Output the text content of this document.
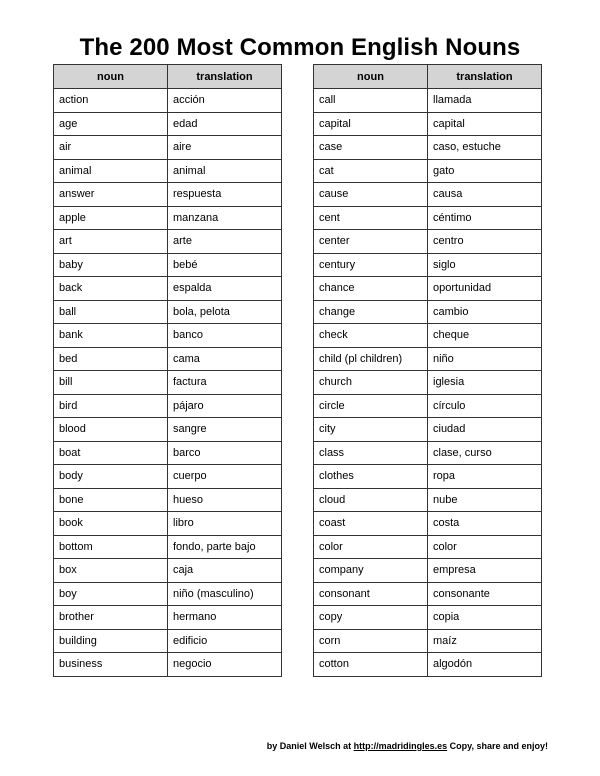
The 200 Most Common English Nouns
noun	translation
action	acción
age	edad
air	aire
animal	animal
answer	respuesta
apple	manzana
art	arte
baby	bebé
back	espalda
ball	bola, pelota
bank	banco
bed	cama
bill	factura
bird	pájaro
blood	sangre
boat	barco
body	cuerpo
bone	hueso
book	libro
bottom	fondo, parte bajo
box	caja
boy	niño (masculino)
brother	hermano
building	edificio
business	negocio
noun	translation
call	llamada
capital	capital
case	caso, estuche
cat	gato
cause	causa
cent	céntimo
center	centro
century	siglo
chance	oportunidad
change	cambio
check	cheque
child (pl children)	niño
church	iglesia
circle	círculo
city	ciudad
class	clase, curso
clothes	ropa
cloud	nube
coast	costa
color	color
company	empresa
consonant	consonante
copy	copia
corn	maíz
cotton	algodón
by Daniel Welsch at http://madridingles.es Copy, share and enjoy!
